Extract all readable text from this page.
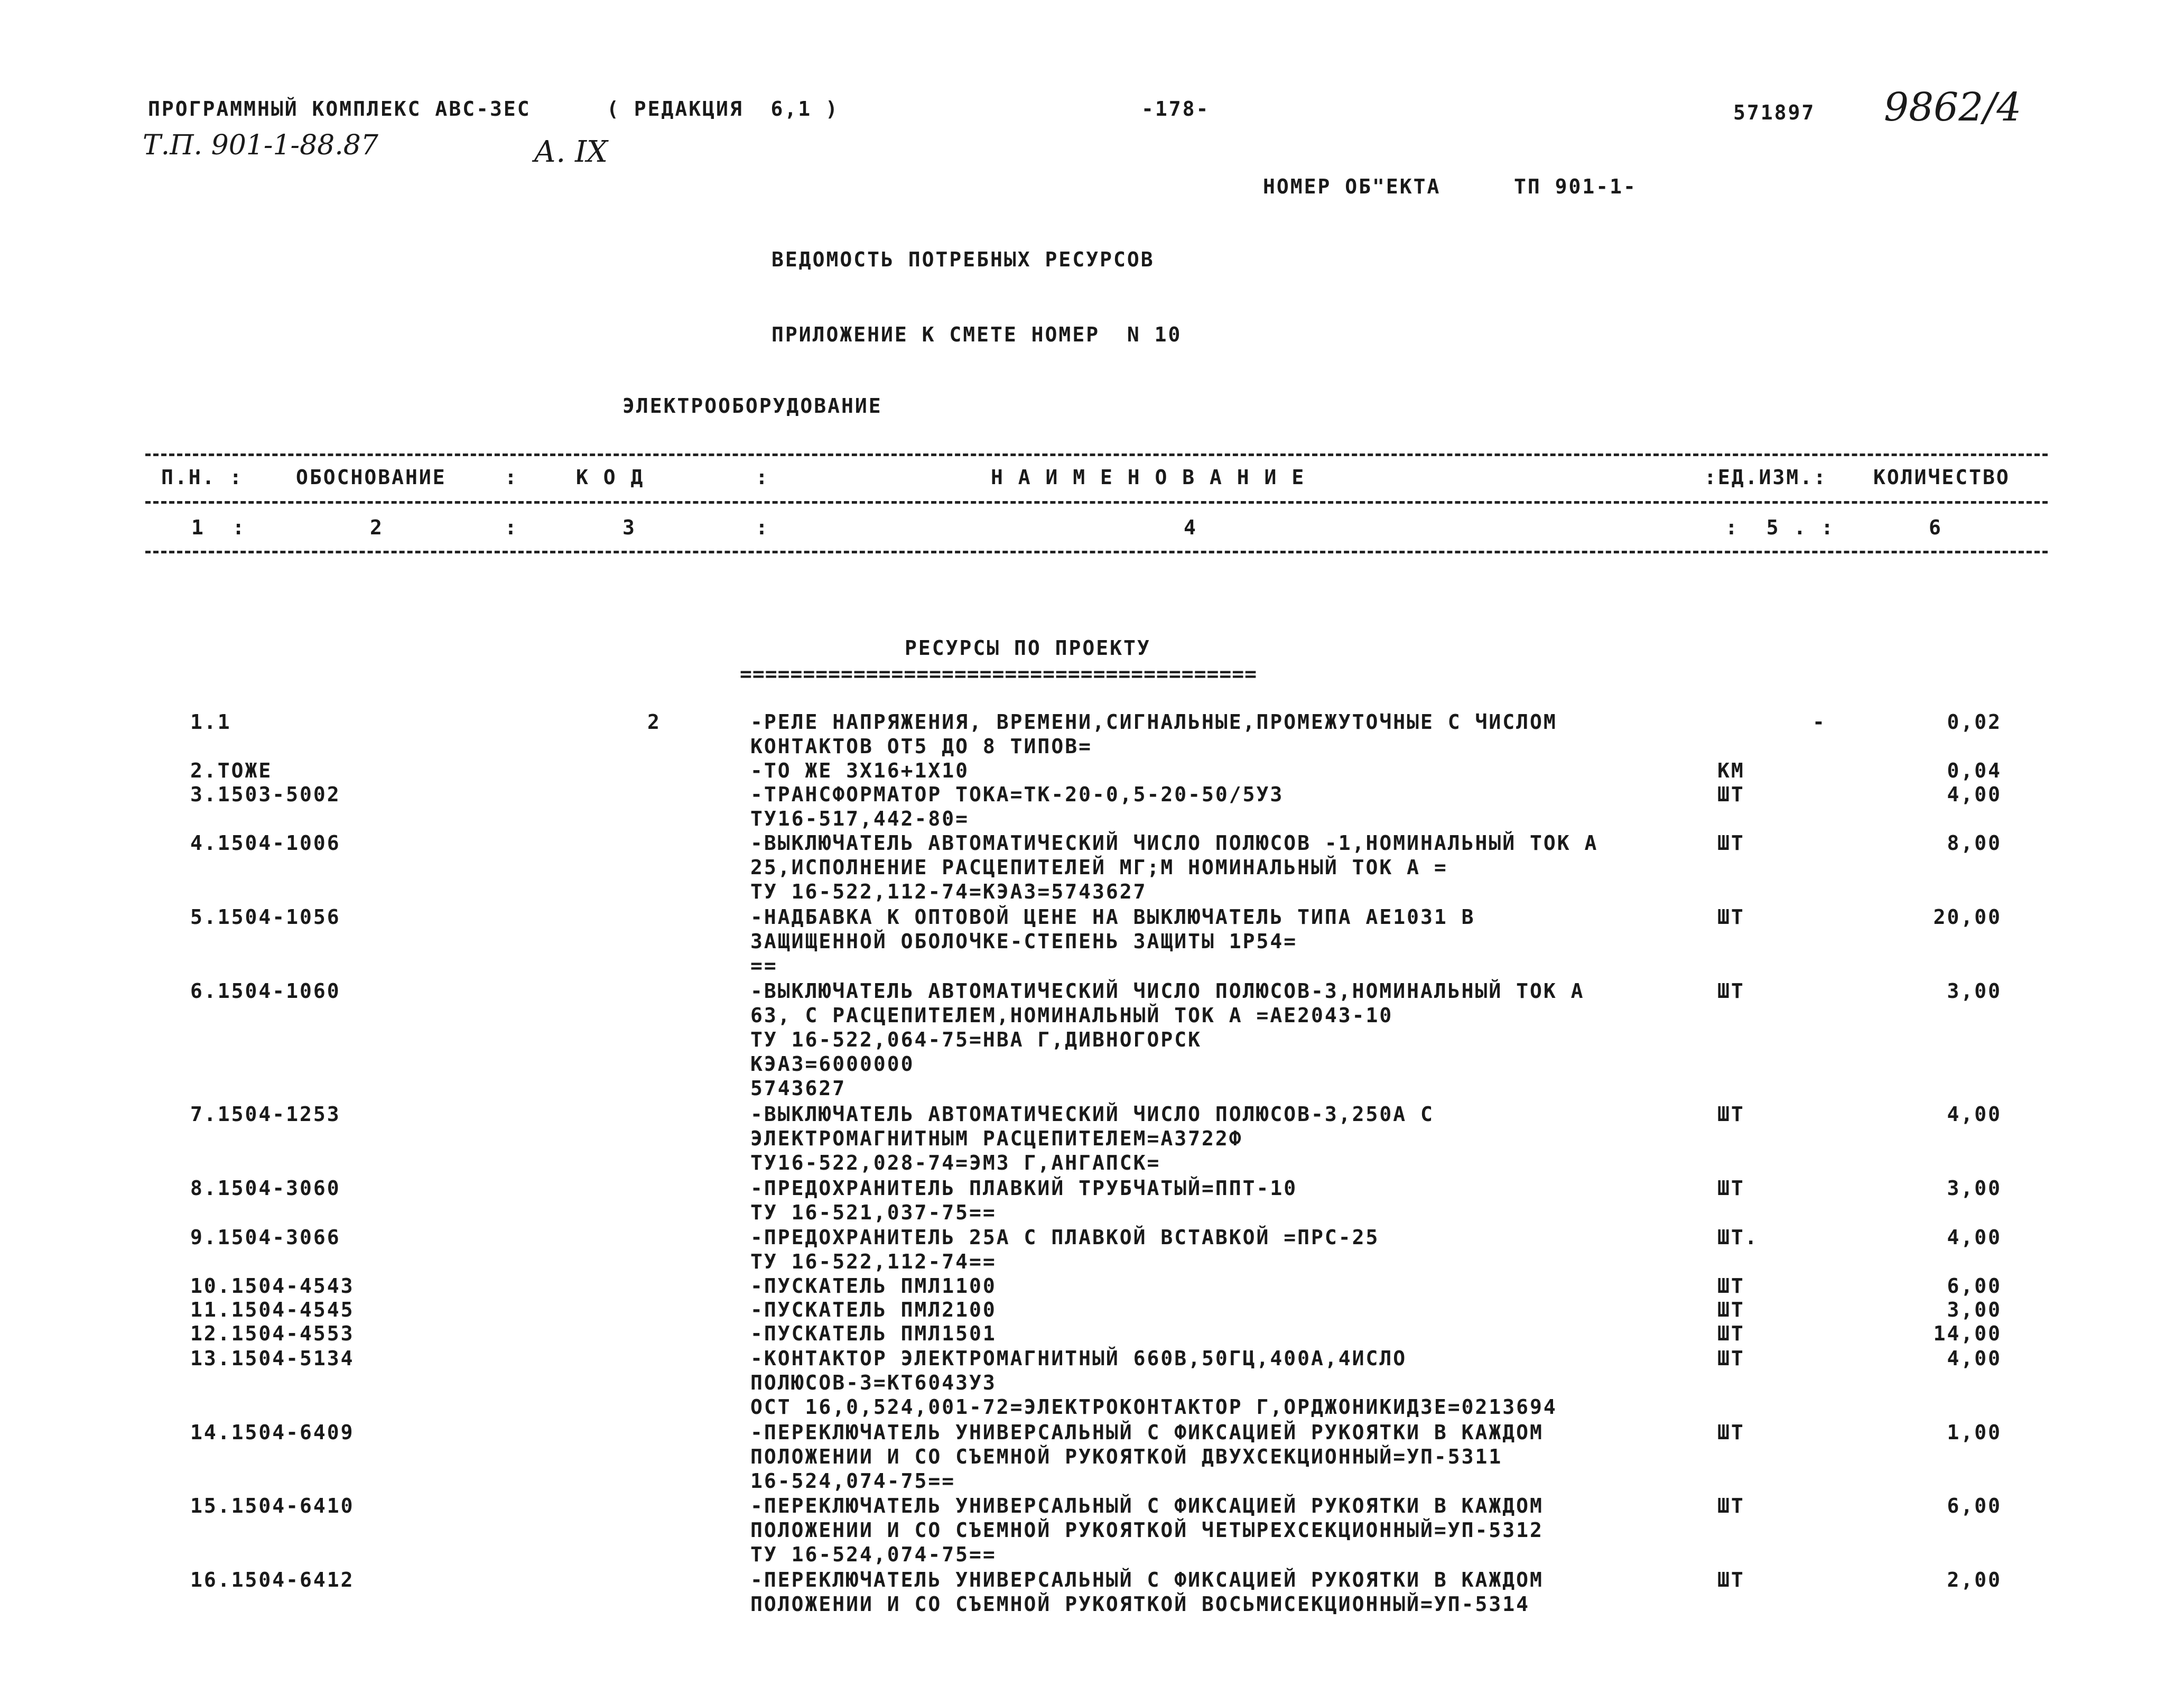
ПРОГРАММНЫЙ КОМПЛЕКС АВС-3ЕС	( РЕДАКЦИЯ  6,1 )	-178-	571897 9862/4
Т.П. 901-1-88.87	А. IX
НОМЕР ОБ"ЕКТА	ТП 901-1-
ВЕДОМОСТЬ ПОТРЕБНЫХ РЕСУРСОВ
ПРИЛОЖЕНИЕ К СМЕТЕ НОМЕР  N 10
ЭЛЕКТРООБОРУДОВАНИЕ
П.Н. :	ОБОСНОВАНИЕ	:	К О Д	:	Н А И М Е Н О В А Н И Е	:ЕД.ИЗМ.: КОЛИЧЕСТВО
1  :	2	:	3	:	4	:  5 . :	6
РЕСУРСЫ ПО ПРОЕКТУ
=========================================
1.1	2	-РЕЛЕ НАПРЯЖЕНИЯ, ВРЕМЕНИ,СИГНАЛЬНЫЕ,ПРОМЕЖУТОЧНЫЕ С ЧИСЛОМ
КОНТАКТОВ ОТ5 ДО 8 ТИПОВ=
-	0,02
2.ТОЖЕ	-ТО ЖЕ 3Х16+1Х10	КМ	0,04
3.1503-5002	-ТРАНСФОРМАТОР ТОКА=ТК-20-0,5-20-50/5У3
ТУ16-517,442-80=
ШТ	4,00
4.1504-1006	-ВЫКЛЮЧАТЕЛЬ АВТОМАТИЧЕСКИЙ ЧИСЛО ПОЛЮСОВ -1,НОМИНАЛЬНЫЙ ТОК А
25,ИСПОЛНЕНИЕ РАСЦЕПИТЕЛЕЙ МГ;М НОМИНАЛЬНЫЙ ТОК А =
ТУ 16-522,112-74=КЭАЗ=5743627
ШТ	8,00
5.1504-1056	-НАДБАВКА К ОПТОВОЙ ЦЕНЕ НА ВЫКЛЮЧАТЕЛЬ ТИПА АЕ1031 В
ЗАЩИЩЕННОЙ ОБОЛОЧКЕ-СТЕПЕНЬ ЗАЩИТЫ 1Р54=
==
ШТ	20,00
6.1504-1060	-ВЫКЛЮЧАТЕЛЬ АВТОМАТИЧЕСКИЙ ЧИСЛО ПОЛЮСОВ-3,НОМИНАЛЬНЫЙ ТОК А
63, С РАСЦЕПИТЕЛЕМ,НОМИНАЛЬНЫЙ ТОК А =АЕ2043-10
ТУ 16-522,064-75=НВА Г,ДИВНОГОРСК
КЭАЗ=6000000
5743627
ШТ	3,00
7.1504-1253	-ВЫКЛЮЧАТЕЛЬ АВТОМАТИЧЕСКИЙ ЧИСЛО ПОЛЮСОВ-3,250А С
ЭЛЕКТРОМАГНИТНЫМ РАСЦЕПИТЕЛЕМ=А3722Ф
ТУ16-522,028-74=ЭМЗ Г,АНГАПСК=
ШТ	4,00
8.1504-3060	-ПРЕДОХРАНИТЕЛЬ ПЛАВКИЙ ТРУБЧАТЫЙ=ППТ-10
ТУ 16-521,037-75==
ШТ	3,00
9.1504-3066	-ПРЕДОХРАНИТЕЛЬ 25А С ПЛАВКОЙ ВСТАВКОЙ =ПРС-25
ТУ 16-522,112-74==
ШТ.	4,00
10.1504-4543	-ПУСКАТЕЛЬ ПМЛ1100	ШТ	6,00
11.1504-4545	-ПУСКАТЕЛЬ ПМЛ2100	ШТ	3,00
12.1504-4553	-ПУСКАТЕЛЬ ПМЛ1501	ШТ	14,00
13.1504-5134	-КОНТАКТОР ЭЛЕКТРОМАГНИТНЫЙ 660В,50ГЦ,400А,4ИСЛО
ПОЛЮСОВ-3=КТ6043У3
ОСТ 16,0,524,001-72=ЭЛЕКТРОКОНТАКТОР Г,ОРДЖОНИКИДЗЕ=0213694
ШТ	4,00
14.1504-6409	-ПЕРЕКЛЮЧАТЕЛЬ УНИВЕРСАЛЬНЫЙ С ФИКСАЦИЕЙ РУКОЯТКИ В КАЖДОМ
ПОЛОЖЕНИИ И СО СЪЕМНОЙ РУКОЯТКОЙ ДВУХСЕКЦИОННЫЙ=УП-5311
16-524,074-75==
ШТ	1,00
15.1504-6410	-ПЕРЕКЛЮЧАТЕЛЬ УНИВЕРСАЛЬНЫЙ С ФИКСАЦИЕЙ РУКОЯТКИ В КАЖДОМ
ПОЛОЖЕНИИ И СО СЪЕМНОЙ РУКОЯТКОЙ ЧЕТЫРЕХСЕКЦИОННЫЙ=УП-5312
ТУ 16-524,074-75==
ШТ	6,00
16.1504-6412	-ПЕРЕКЛЮЧАТЕЛЬ УНИВЕРСАЛЬНЫЙ С ФИКСАЦИЕЙ РУКОЯТКИ В КАЖДОМ
ПОЛОЖЕНИИ И СО СЪЕМНОЙ РУКОЯТКОЙ ВОСЬМИСЕКЦИОННЫЙ=УП-5314
ШТ	2,00
